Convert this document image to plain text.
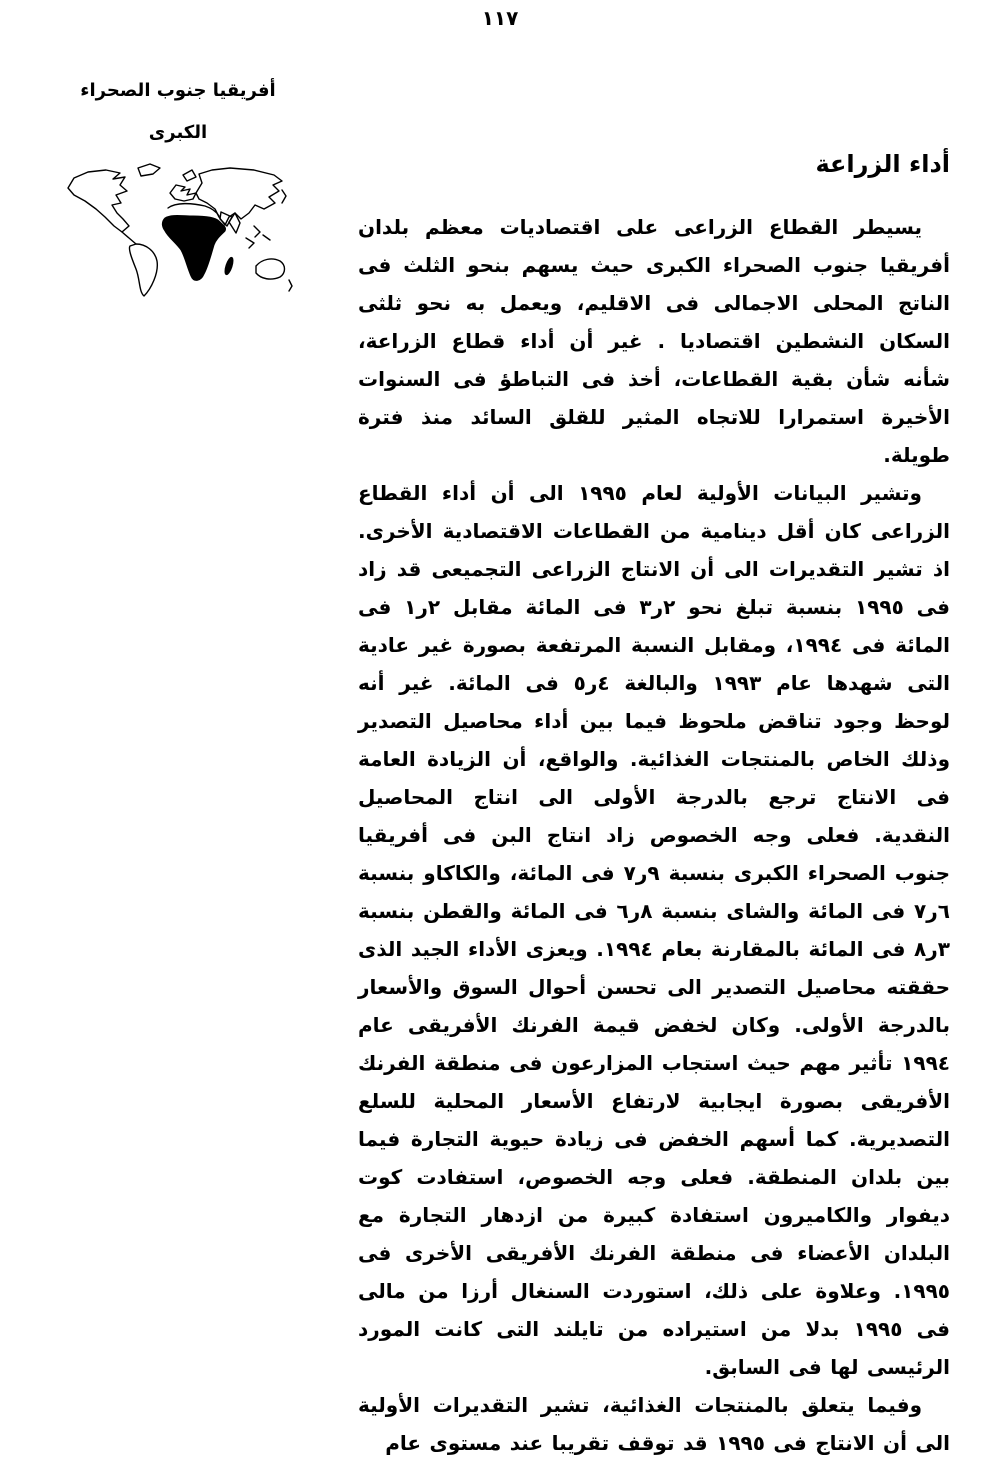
١١٧
أفريقيا جنوب الصحراء
الكبرى
أداء الزراعة

يسيطر القطاع الزراعى على اقتصاديات معظم بلدان أفريقيا جنوب الصحراء الكبرى حيث يسهم بنحو الثلث فى الناتج المحلى الاجمالى فى الاقليم، ويعمل به نحو ثلثى السكان النشطين اقتصاديا . غير أن أداء قطاع الزراعة، شأنه شأن بقية القطاعات، أخذ فى التباطؤ فى السنوات الأخيرة استمرارا للاتجاه المثير للقلق السائد منذ فترة طويلة.

وتشير البيانات الأولية لعام ١٩٩٥ الى أن أداء القطاع الزراعى كان أقل دينامية من القطاعات الاقتصادية الأخرى. اذ تشير التقديرات الى أن الانتاج الزراعى التجميعى قد زاد فى ١٩٩٥ بنسبة تبلغ نحو ٢ر٣ فى المائة مقابل ٢ر١ فى المائة فى ١٩٩٤، ومقابل النسبة المرتفعة بصورة غير عادية التى شهدها عام ١٩٩٣ والبالغة ٤ر٥ فى المائة. غير أنه لوحظ وجود تناقض ملحوظ فيما بين أداء محاصيل التصدير وذلك الخاص بالمنتجات الغذائية. والواقع، أن الزيادة العامة فى الانتاج ترجع بالدرجة الأولى الى انتاج المحاصيل النقدية. فعلى وجه الخصوص زاد انتاج البن فى أفريقيا جنوب الصحراء الكبرى بنسبة ٩ر٧ فى المائة، والكاكاو بنسبة ٦ر٧ فى المائة والشاى بنسبة ٨ر٦ فى المائة والقطن بنسبة ٣ر٨ فى المائة بالمقارنة بعام ١٩٩٤. ويعزى الأداء الجيد الذى حققته محاصيل التصدير الى تحسن أحوال السوق والأسعار بالدرجة الأولى. وكان لخفض قيمة الفرنك الأفريقى عام ١٩٩٤ تأثير مهم حيث استجاب المزارعون فى منطقة الفرنك الأفريقى بصورة ايجابية لارتفاع الأسعار المحلية للسلع التصديرية. كما أسهم الخفض فى زيادة حيوية التجارة فيما بين بلدان المنطقة. فعلى وجه الخصوص، استفادت كوت ديفوار والكاميرون استفادة كبيرة من ازدهار التجارة مع البلدان الأعضاء فى منطقة الفرنك الأفريقى الأخرى فى ١٩٩٥. وعلاوة على ذلك، استوردت السنغال أرزا من مالى فى ١٩٩٥ بدلا من استيراده من تايلند التى كانت المورد الرئيسى لها فى السابق.

وفيما يتعلق بالمنتجات الغذائية، تشير التقديرات الأولية الى أن الانتاج فى ١٩٩٥ قد توقف تقريبا عند مستوى عام
